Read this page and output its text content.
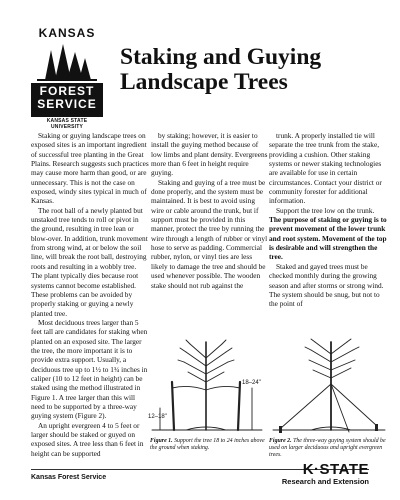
KANSAS
FOREST
SERVICE
KANSAS STATE UNIVERSITY
Staking and Guying
Landscape Trees

Staking or guying landscape trees on exposed sites is an important ingredient of successful tree planting in the Great Plains. Research suggests such practices may cause more harm than good, or are unnecessary. This is not the case on exposed, windy sites typical in much of Kansas.

The root ball of a newly planted but unstaked tree tends to roll or pivot in the ground, resulting in tree lean or blow-over. In addition, trunk movement from strong wind, at or below the soil line, will break the root ball, destroying roots and resulting in a wobbly tree. The plant typically dies because root systems cannot become established. These problems can be avoided by properly staking or guying a newly planted tree.

Most deciduous trees larger than 5 feet tall are candidates for staking when planted on an exposed site. The larger the tree, the more important it is to provide extra support. Usually, a deciduous tree up to 1½ to 1¾ inches in caliper (10 to 12 feet in height) can be staked using the method illustrated in Figure 1. A tree larger than this will need to be supported by a three-way guying system (Figure 2).

An upright evergreen 4 to 5 feet or larger should be staked or guyed on exposed sites. A tree less than 6 feet in height can be supported

by staking; however, it is easier to install the guying method because of low limbs and plant density. Evergreens more than 6 feet in height require guying.

Staking and guying of a tree must be done properly, and the system must be maintained. It is best to avoid using wire or cable around the trunk, but if support must be provided in this manner, protect the tree by running the wire through a length of rubber or vinyl hose to serve as padding. Commercial rubber, nylon, or vinyl ties are less likely to damage the tree and should be used whenever possible. The wooden stake should not rub against the

trunk. A properly installed tie will separate the tree trunk from the stake, providing a cushion. Other staking systems or newer staking technologies are available for use in certain circumstances. Contact your district or community forester for additional information.

Support the tree low on the trunk. The purpose of staking or guying is to prevent movement of the lower trunk and root system. Movement of the top is desirable and will strengthen the tree.

Staked and gayed trees must be checked monthly during the growing season and after storms or strong wind. The system should be snug, but not to the point of

12–18"
18–24"
Figure 1. Support the tree 18 to 24 inches above the ground when staking.
Figure 2. The three-way guying system should be used on larger deciduous and upright evergreen trees.
Kansas Forest Service	K·STATE
Research and Extension
